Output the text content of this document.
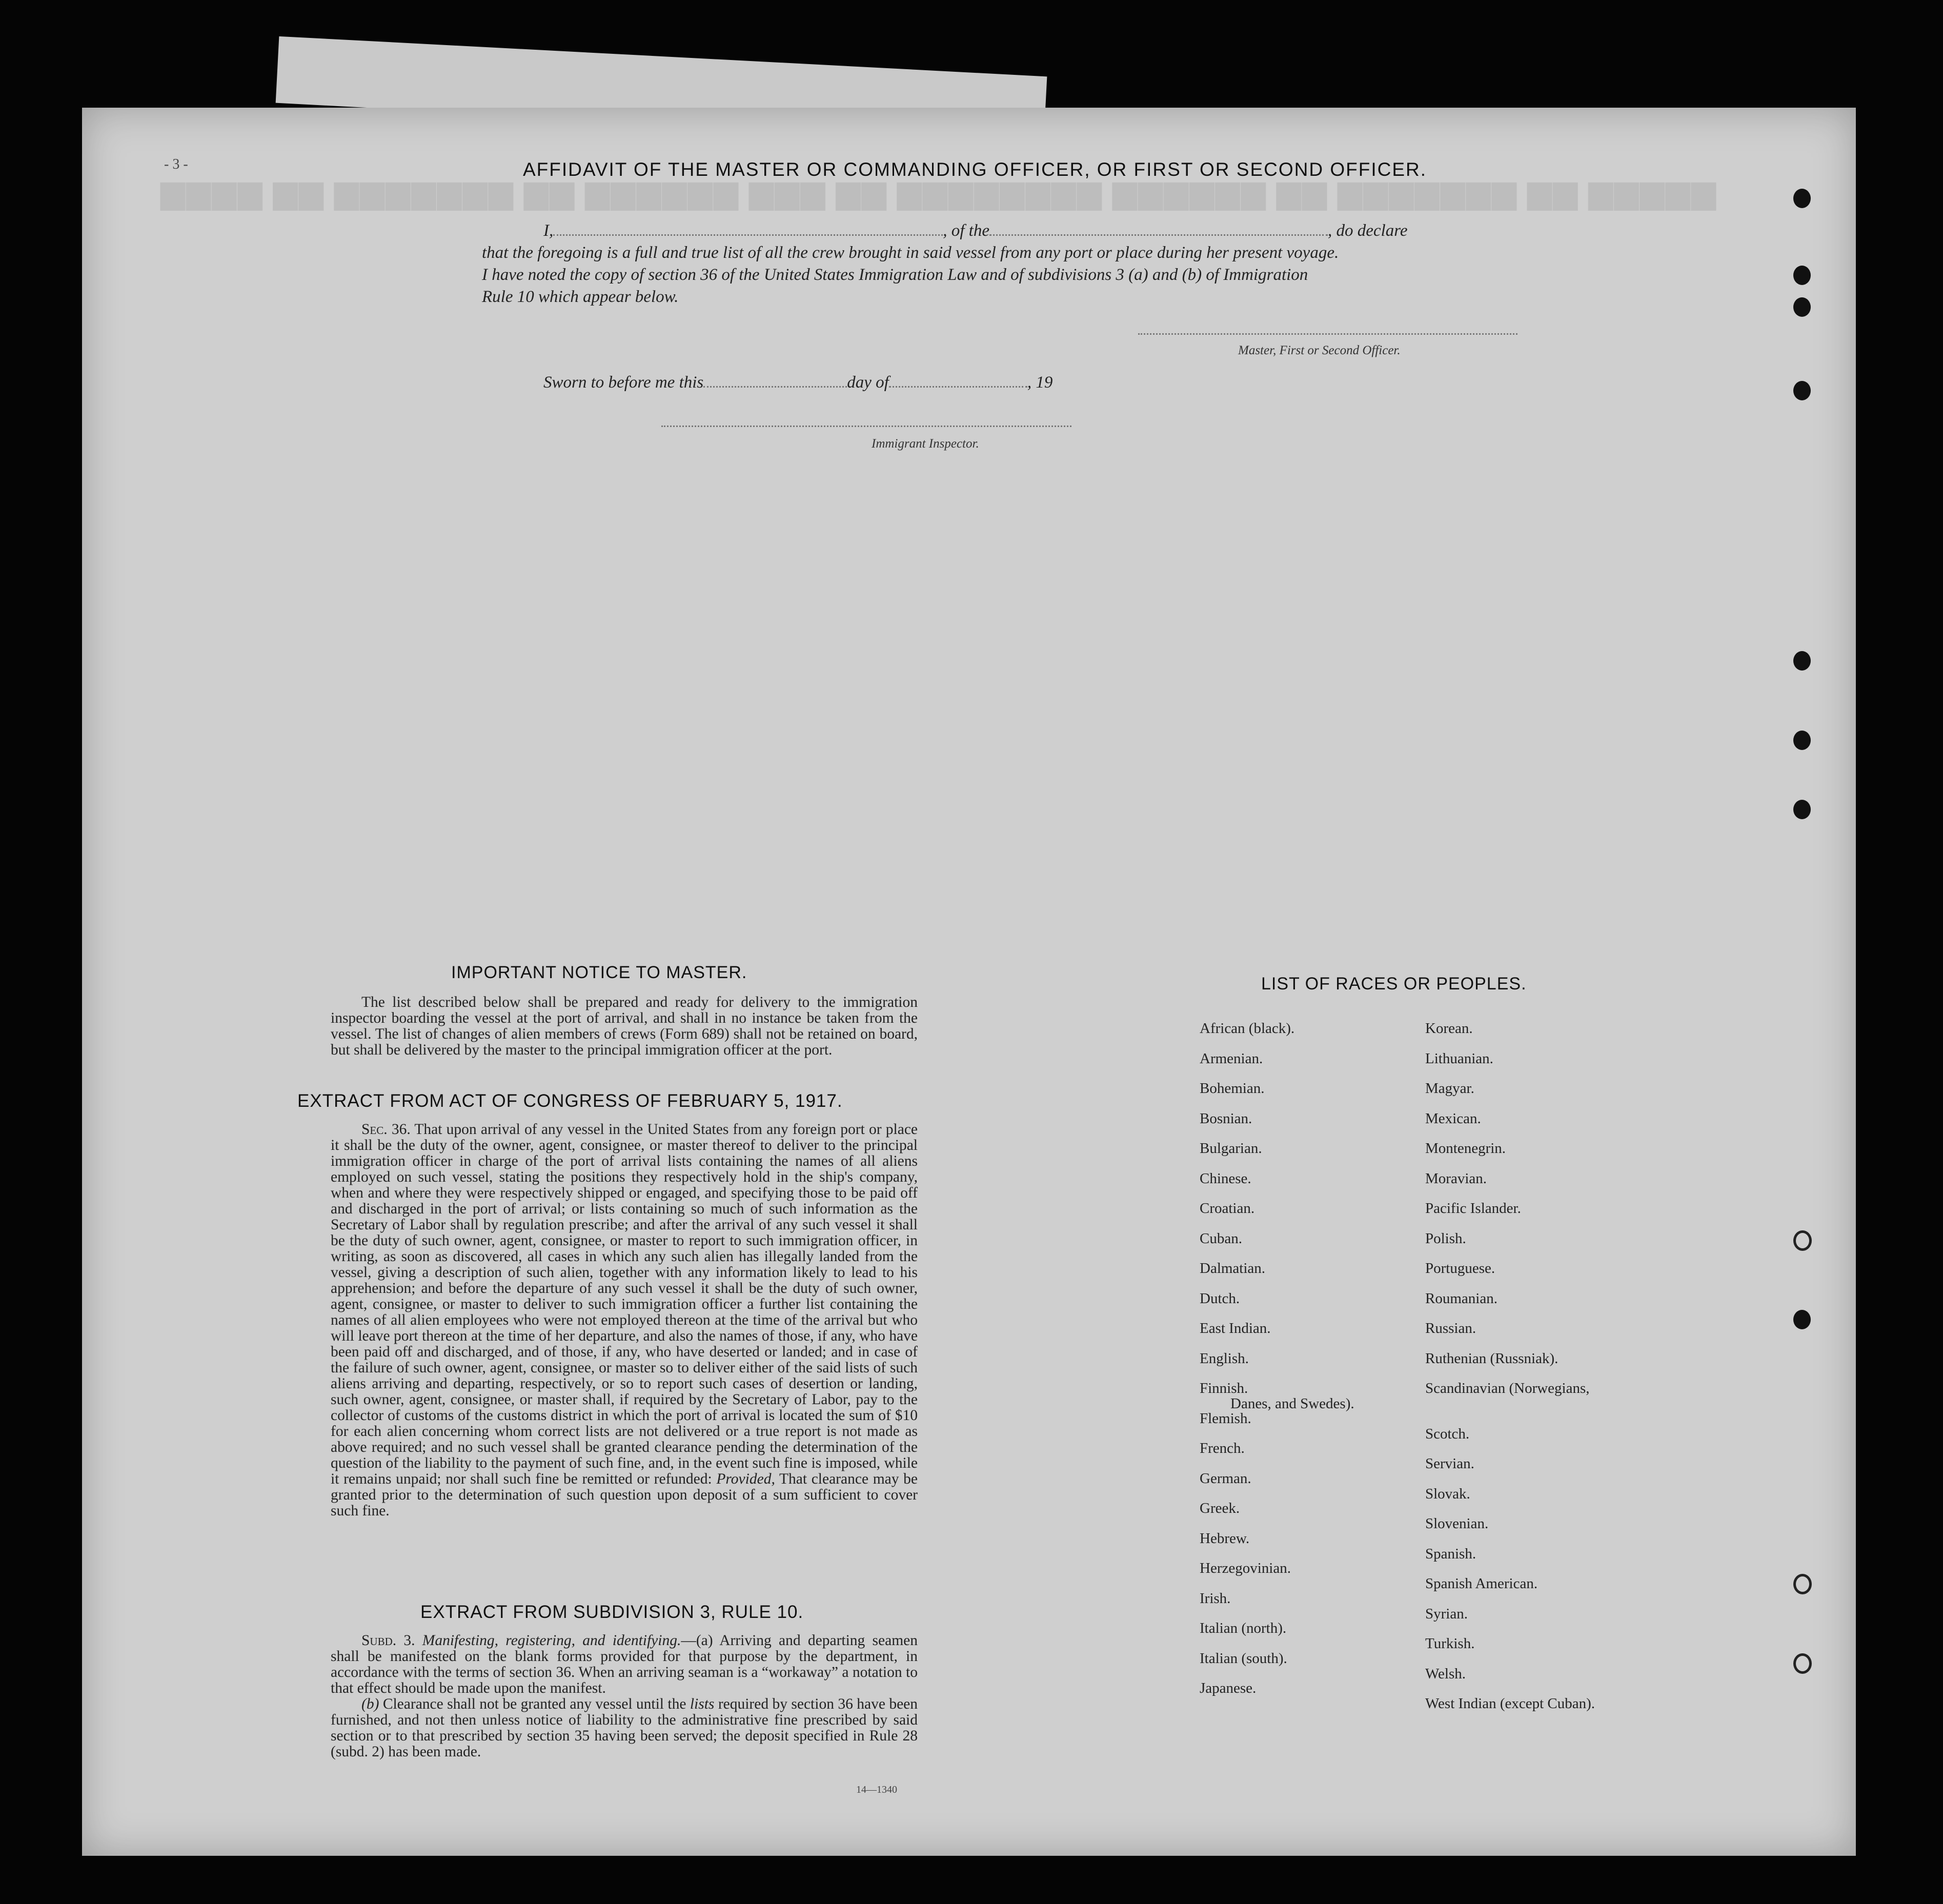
▆▆▆▆▆ ▆▆ ▆▆▆▆▆▆▆ ▆▆ ▆▆▆▆▆▆ ▆▆▆▆▆▆▆▆ ▆▆ ▆▆▆ ▆▆▆▆▆▆ ▆▆ ▆▆▆▆▆▆▆ ▆▆ ▆▆▆▆
- 3 -	AFFIDAVIT OF THE MASTER OR COMMANDING OFFICER, OR FIRST OR SECOND OFFICER.
I,	, of the	, do declare
that the foregoing is a full and true list of all the crew brought in said vessel from any port or place during her present voyage.
I have noted the copy of section 36 of the United States Immigration Law and of subdivisions 3 (a) and (b) of Immigration
Rule 10 which appear below.
Master, First or Second Officer.
Sworn to before me this	day of	, 19
Immigrant Inspector.
IMPORTANT NOTICE TO MASTER.
The list described below shall be prepared and ready for delivery to the immigration inspector boarding the vessel at the port of arrival, and shall in no instance be taken from the vessel. The list of changes of alien members of crews (Form 689) shall not be retained on board, but shall be delivered by the master to the principal immigration officer at the port.
EXTRACT FROM ACT OF CONGRESS OF FEBRUARY 5, 1917.

Sec. 36. That upon arrival of any vessel in the United States from any foreign port or place it shall be the duty of the owner, agent, consignee, or master thereof to deliver to the principal immigration officer in charge of the port of arrival lists containing the names of all aliens employed on such vessel, stating the positions they respectively hold in the ship's company, when and where they were respectively shipped or engaged, and specifying those to be paid off and discharged in the port of arrival; or lists containing so much of such information as the Secretary of Labor shall by regulation prescribe; and after the arrival of any such vessel it shall be the duty of such owner, agent, consignee, or master to report to such immigration officer, in writing, as soon as discovered, all cases in which any such alien has illegally landed from the vessel, giving a description of such alien, together with any information likely to lead to his apprehension; and before the departure of any such vessel it shall be the duty of such owner, agent, consignee, or master to deliver to such immigration officer a further list containing the names of all alien employees who were not employed thereon at the time of the arrival but who will leave port thereon at the time of her departure, and also the names of those, if any, who have been paid off and discharged, and of those, if any, who have deserted or landed; and in case of the failure of such owner, agent, consignee, or master so to deliver either of the said lists of such aliens arriving and departing, respectively, or so to report such cases of desertion or landing, such owner, agent, consignee, or master shall, if required by the Secretary of Labor, pay to the collector of customs of the customs district in which the port of arrival is located the sum of $10 for each alien concerning whom correct lists are not delivered or a true report is not made as above required; and no such vessel shall be granted clearance pending the determination of the question of the liability to the payment of such fine, and, in the event such fine is imposed, while it remains unpaid; nor shall such fine be remitted or refunded: Provided, That clearance may be granted prior to the determination of such question upon deposit of a sum sufficient to cover such fine.

EXTRACT FROM SUBDIVISION 3, RULE 10.

Subd. 3. Manifesting, registering, and identifying.—(a) Arriving and departing seamen shall be manifested on the blank forms provided for that purpose by the department, in accordance with the terms of section 36. When an arriving seaman is a “workaway” a notation to that effect should be made upon the manifest.

(b) Clearance shall not be granted any vessel until the lists required by section 36 have been furnished, and not then unless notice of liability to the administrative fine prescribed by said section or to that prescribed by section 35 having been served; the deposit specified in Rule 28 (subd. 2) has been made.

14—1340
LIST OF RACES OR PEOPLES.
African (black).
Armenian.
Bohemian.
Bosnian.
Bulgarian.
Chinese.
Croatian.
Cuban.
Dalmatian.
Dutch.
East Indian.
English.
Finnish.
Flemish.
French.
German.
Greek.
Hebrew.
Herzegovinian.
Irish.
Italian (north).
Italian (south).
Japanese.
Korean.
Lithuanian.
Magyar.
Mexican.
Montenegrin.
Moravian.
Pacific Islander.
Polish.
Portuguese.
Roumanian.
Russian.
Ruthenian (Russniak).
Scandinavian (Norwegians,
Danes, and Swedes).
Scotch.
Servian.
Slovak.
Slovenian.
Spanish.
Spanish American.
Syrian.
Turkish.
Welsh.
West Indian (except Cuban).
